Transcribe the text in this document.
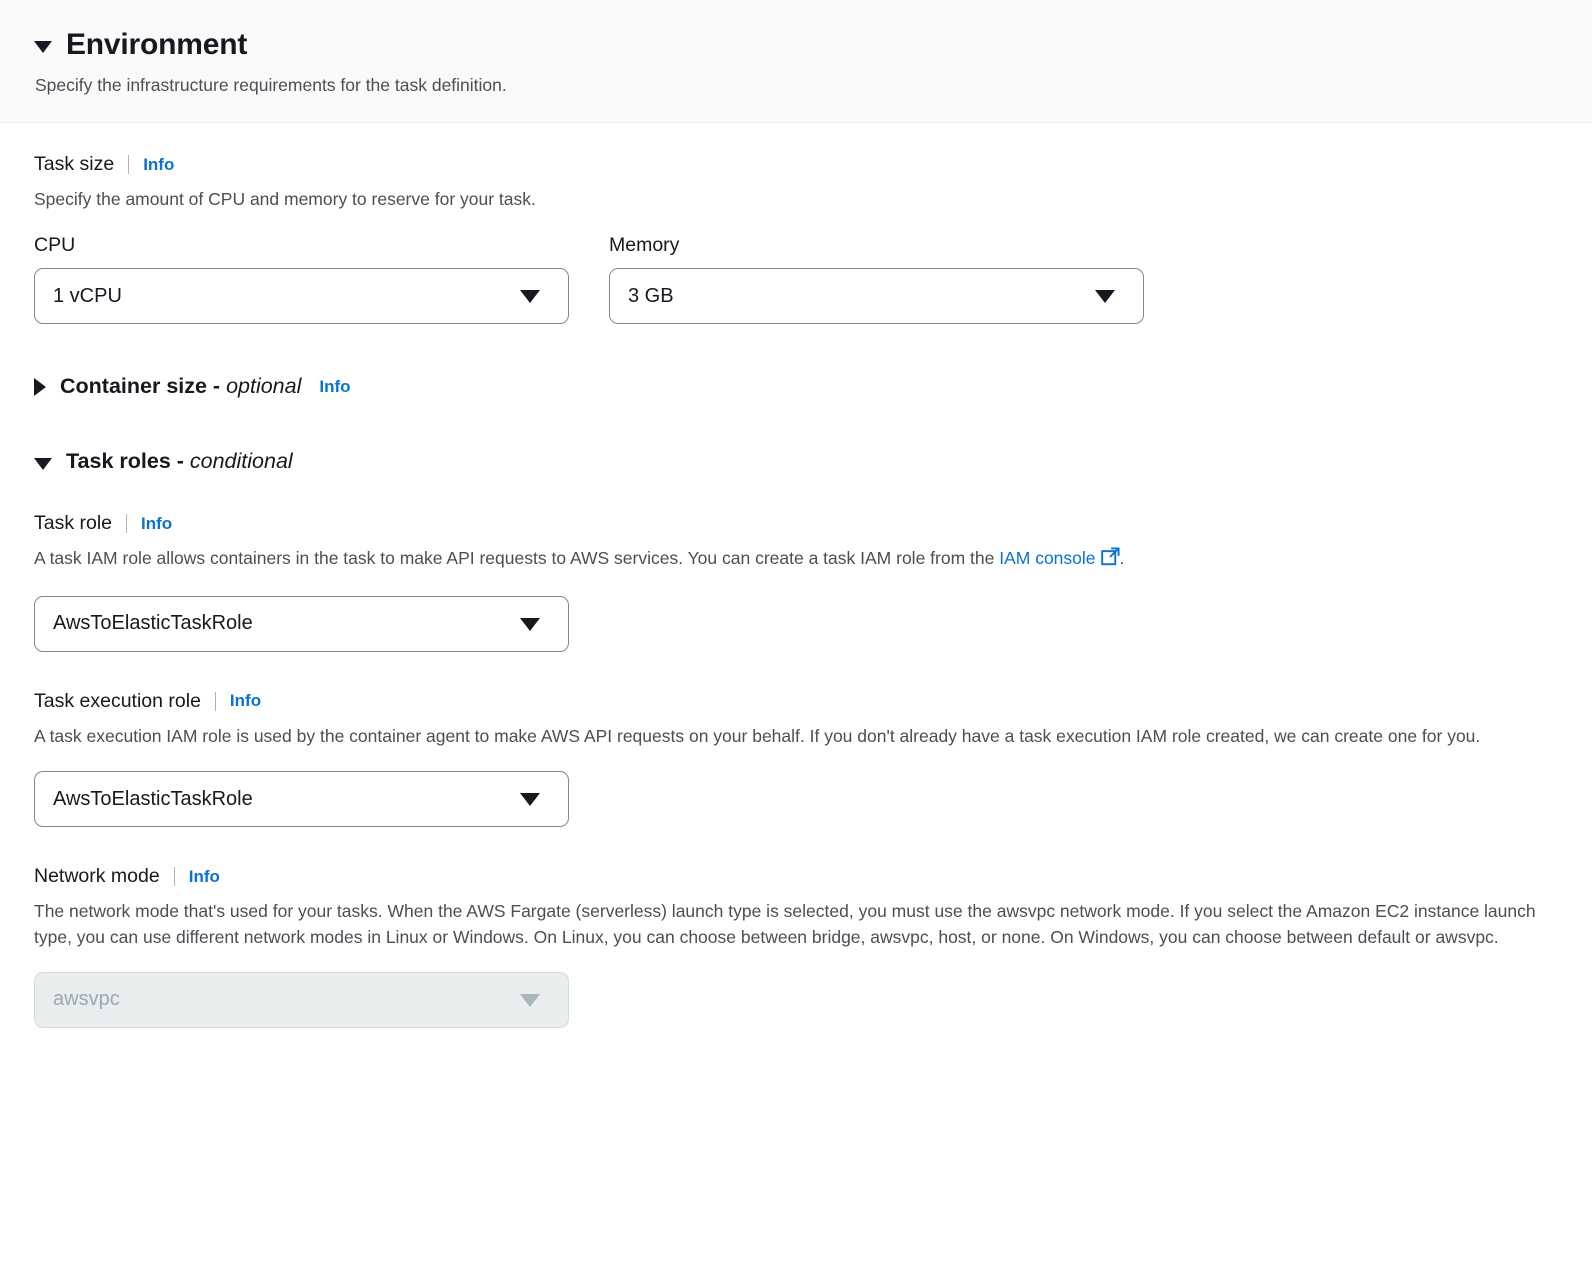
Environment
Specify the infrastructure requirements for the task definition.
Task size Info
Specify the amount of CPU and memory to reserve for your task.
CPU
1 vCPU
Memory
3 GB
Container size - optional Info
Task roles - conditional
Task role Info
A task IAM role allows containers in the task to make API requests to AWS services. You can create a task IAM role from the IAM console .
AwsToElasticTaskRole
Task execution role Info
A task execution IAM role is used by the container agent to make AWS API requests on your behalf. If you don't already have a task execution IAM role created, we can create one for you.
AwsToElasticTaskRole
Network mode Info
The network mode that's used for your tasks. When the AWS Fargate (serverless) launch type is selected, you must use the awsvpc network mode. If you select the Amazon EC2 instance launch type, you can use different network modes in Linux or Windows. On Linux, you can choose between bridge, awsvpc, host, or none. On Windows, you can choose between default or awsvpc.
awsvpc
